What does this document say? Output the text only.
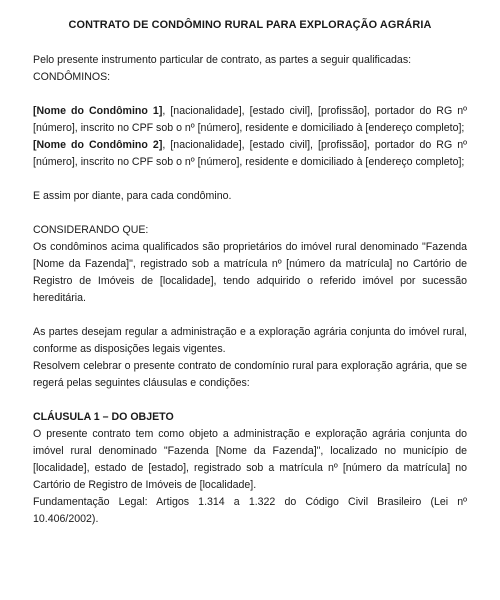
CONTRATO DE CONDÔMINO RURAL PARA EXPLORAÇÃO AGRÁRIA

Pelo presente instrumento particular de contrato, as partes a seguir qualificadas:

CONDÔMINOS:

[Nome do Condômino 1], [nacionalidade], [estado civil], [profissão], portador do RG nº [número], inscrito no CPF sob o nº [número], residente e domiciliado à [endereço completo];

[Nome do Condômino 2], [nacionalidade], [estado civil], [profissão], portador do RG nº [número], inscrito no CPF sob o nº [número], residente e domiciliado à [endereço completo];

E assim por diante, para cada condômino.

CONSIDERANDO QUE:

Os condôminos acima qualificados são proprietários do imóvel rural denominado "Fazenda [Nome da Fazenda]", registrado sob a matrícula nº [número da matrícula] no Cartório de Registro de Imóveis de [localidade], tendo adquirido o referido imóvel por sucessão hereditária.

As partes desejam regular a administração e a exploração agrária conjunta do imóvel rural, conforme as disposições legais vigentes.

Resolvem celebrar o presente contrato de condomínio rural para exploração agrária, que se regerá pelas seguintes cláusulas e condições:

CLÁUSULA 1 – DO OBJETO

O presente contrato tem como objeto a administração e exploração agrária conjunta do imóvel rural denominado "Fazenda [Nome da Fazenda]", localizado no município de [localidade], estado de [estado], registrado sob a matrícula nº [número da matrícula] no Cartório de Registro de Imóveis de [localidade].

Fundamentação Legal: Artigos 1.314 a 1.322 do Código Civil Brasileiro (Lei nº 10.406/2002).
